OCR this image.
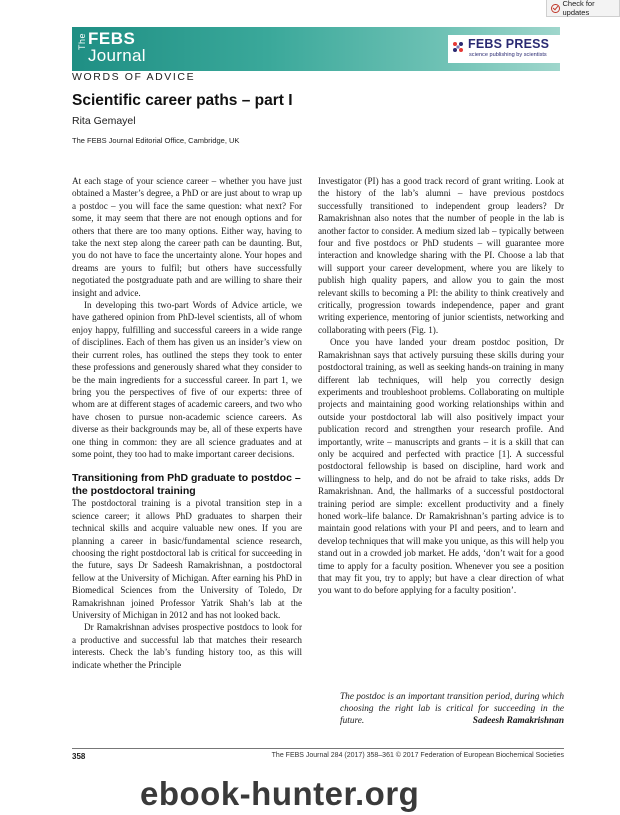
Check for updates
The FEBS
Journal
FEBS PRESS
science publishing by scientists
WORDS OF ADVICE
Scientific career paths – part I
Rita Gemayel
The FEBS Journal Editorial Office, Cambridge, UK

At each stage of your science career – whether you have just obtained a Master’s degree, a PhD or are just about to wrap up a postdoc – you will face the same question: what next? For some, it may seem that there are not enough options and for others that there are too many options. Either way, having to take the next step along the career path can be daunting. But, you do not have to face the uncertainty alone. Your hopes and dreams are yours to fulfil; but others have successfully negotiated the postgraduate path and are willing to share their insight and advice.

In developing this two-part Words of Advice article, we have gathered opinion from PhD-level scientists, all of whom enjoy happy, fulfilling and successful careers in a wide range of disciplines. Each of them has given us an insider’s view on their current roles, has outlined the steps they took to enter these professions and generously shared what they consider to be the main ingredients for a successful career. In part 1, we bring you the perspectives of five of our experts: three of whom are at different stages of academic careers, and two who have chosen to pursue non-academic science careers. As diverse as their backgrounds may be, all of these experts have one thing in common: they are all science graduates and at some point, they too had to make important career decisions.

Transitioning from PhD graduate to postdoc – the postdoctoral training

The postdoctoral training is a pivotal transition step in a science career; it allows PhD graduates to sharpen their technical skills and acquire valuable new ones. If you are planning a career in basic/fundamental science research, choosing the right postdoctoral lab is critical for succeeding in the future, says Dr Sadeesh Ramakrishnan, a postdoctoral fellow at the University of Michigan. After earning his PhD in Biomedical Sciences from the University of Toledo, Dr Ramakrishnan joined Professor Yatrik Shah’s lab at the University of Michigan in 2012 and has not looked back.

Dr Ramakrishnan advises prospective postdocs to look for a productive and successful lab that matches their research interests. Check the lab’s funding history too, as this will indicate whether the Principle

Investigator (PI) has a good track record of grant writing. Look at the history of the lab’s alumni – have previous postdocs successfully transitioned to independent group leaders? Dr Ramakrishnan also notes that the number of people in the lab is another factor to consider. A medium sized lab – typically between four and five postdocs or PhD students – will guarantee more interaction and knowledge sharing with the PI. Choose a lab that will support your career development, where you are likely to publish high quality papers, and allow you to gain the most relevant skills to becoming a PI: the ability to think creatively and critically, progression towards independence, paper and grant writing experience, mentoring of junior scientists, networking and collaborating with peers (Fig. 1).

Once you have landed your dream postdoc position, Dr Ramakrishnan says that actively pursuing these skills during your postdoctoral training, as well as seeking hands-on training in many different lab techniques, will help you correctly design experiments and troubleshoot problems. Collaborating on multiple projects and maintaining good working relationships within and outside your postdoctoral lab will also positively impact your publication record and strengthen your research profile. And importantly, write – manuscripts and grants – it is a skill that can only be acquired and perfected with practice [1]. A successful postdoctoral fellowship is based on discipline, hard work and willingness to help, and do not be afraid to take risks, adds Dr Ramakrishnan. And, the hallmarks of a successful postdoctoral training period are simple: excellent productivity and a finely honed work–life balance. Dr Ramakrishnan’s parting advice is to maintain good relations with your PI and peers, and to learn and develop techniques that will make you unique, as this will help you stand out in a crowded job market. He adds, ‘don’t wait for a good time to apply for a faculty position. Whenever you see a position that may fit you, try to apply; but have a clear direction of what you want to do before applying for a faculty position’.

The postdoc is an important transition period, during which choosing the right lab is critical for succeeding in the future.	Sadeesh Ramakrishnan
358	The FEBS Journal 284 (2017) 358–361 © 2017 Federation of European Biochemical Societies
ebook-hunter.org
